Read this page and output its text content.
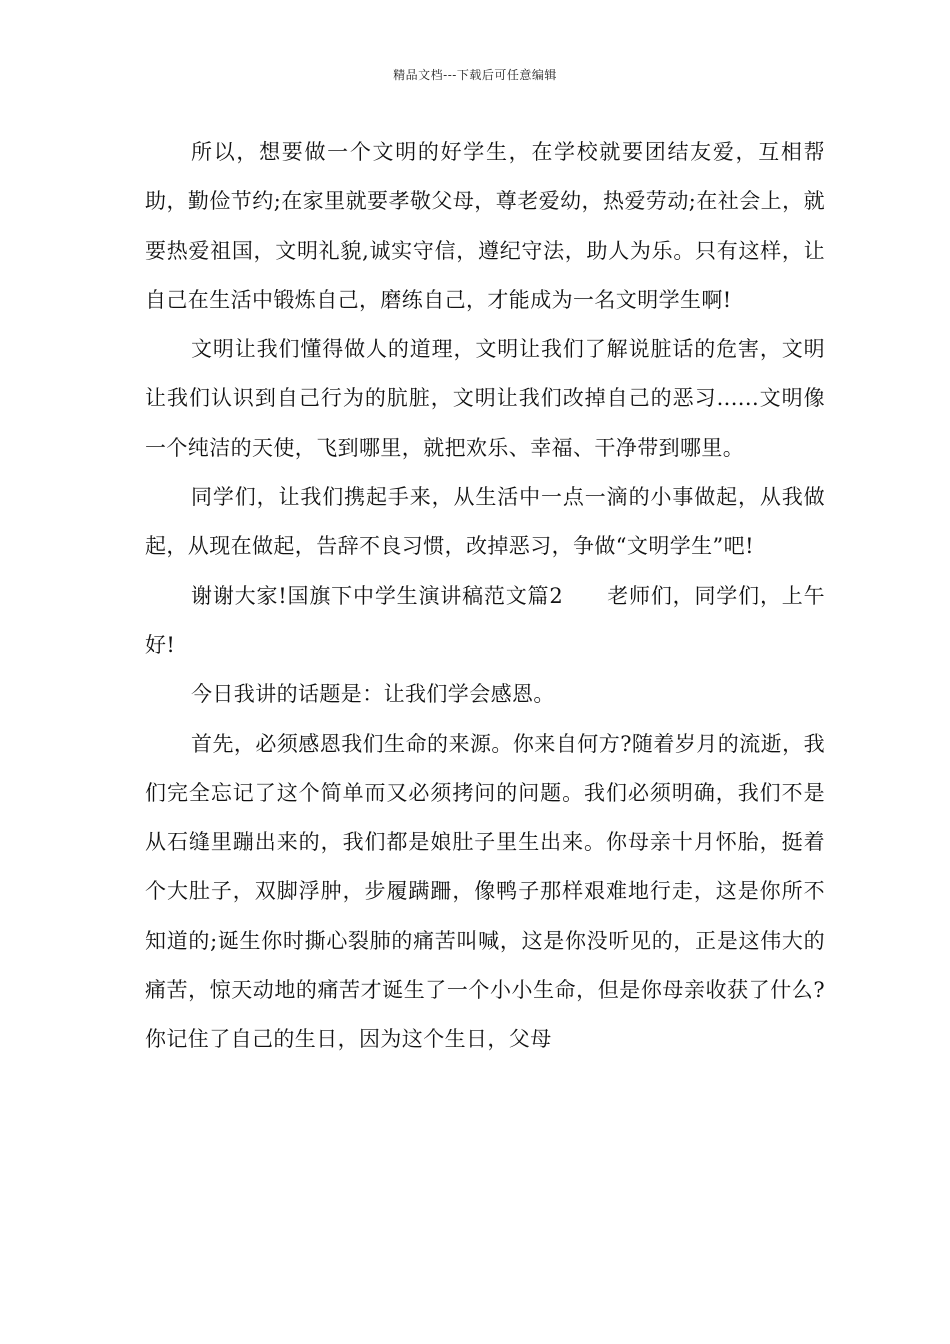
精品文档---下载后可任意编辑

所以，想要做一个文明的好学生，在学校就要团结友爱，互相帮助，勤俭节约;在家里就要孝敬父母，尊老爱幼，热爱劳动;在社会上，就要热爱祖国，文明礼貌,诚实守信，遵纪守法，助人为乐。只有这样，让自己在生活中锻炼自己，磨练自己，才能成为一名文明学生啊!

文明让我们懂得做人的道理，文明让我们了解说脏话的危害，文明让我们认识到自己行为的肮脏，文明让我们改掉自己的恶习......文明像一个纯洁的天使，飞到哪里，就把欢乐、幸福、干净带到哪里。

同学们，让我们携起手来，从生活中一点一滴的小事做起，从我做起，从现在做起，告辞不良习惯，改掉恶习，争做“文明学生”吧!

谢谢大家!国旗下中学生演讲稿范文篇2　　老师们，同学们，上午好!

今日我讲的话题是：让我们学会感恩。

首先，必须感恩我们生命的来源。你来自何方?随着岁月的流逝，我们完全忘记了这个简单而又必须拷问的问题。我们必须明确，我们不是从石缝里蹦出来的，我们都是娘肚子里生出来。你母亲十月怀胎，挺着个大肚子，双脚浮肿，步履蹒跚，像鸭子那样艰难地行走，这是你所不知道的;诞生你时撕心裂肺的痛苦叫喊，这是你没听见的，正是这伟大的痛苦，惊天动地的痛苦才诞生了一个小小生命，但是你母亲收获了什么?你记住了自己的生日，因为这个生日，父母
